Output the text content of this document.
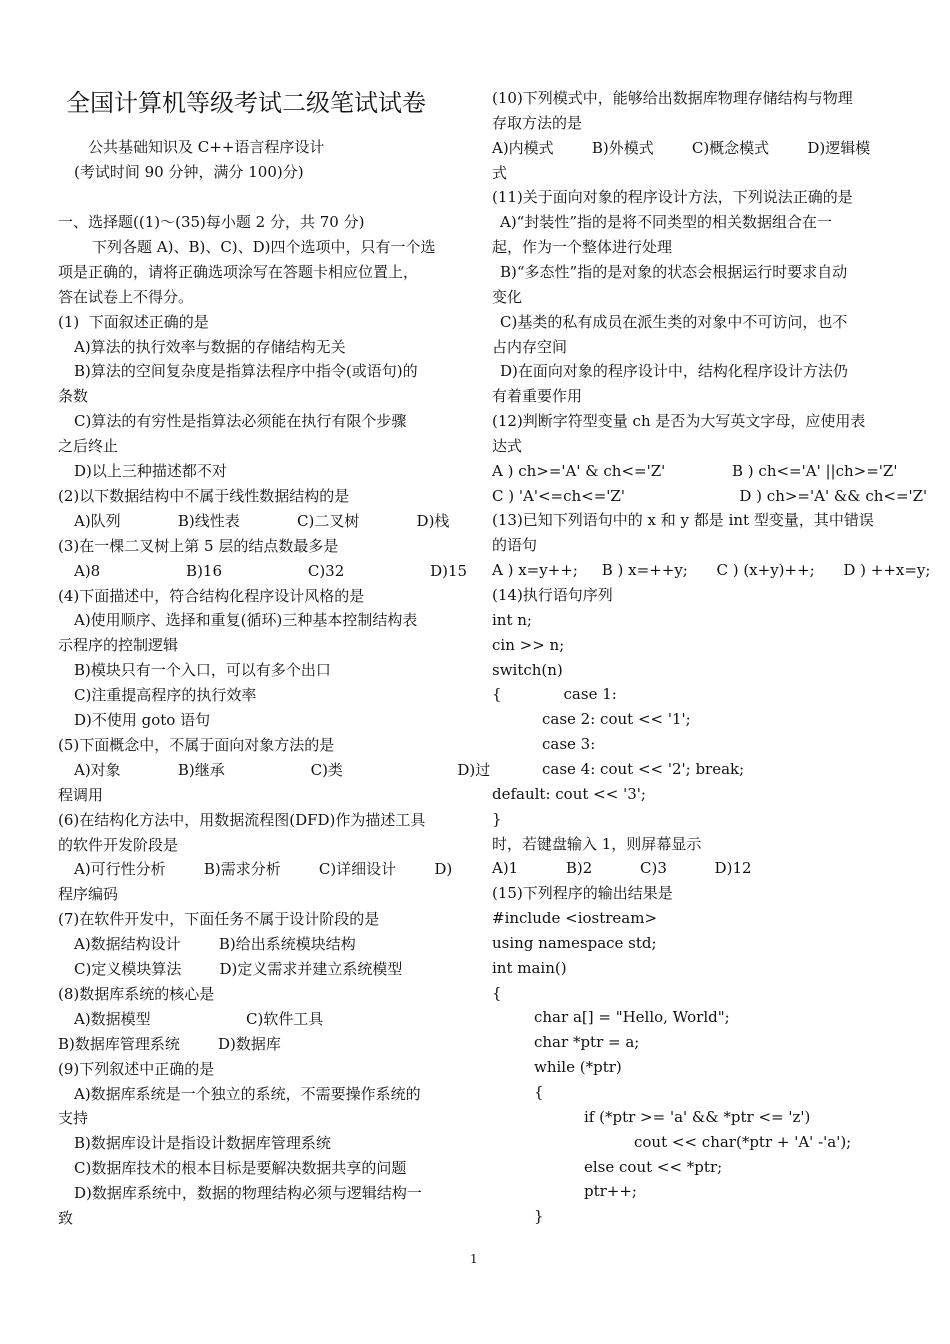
全国计算机等级考试二级笔试试卷
公共基础知识及 C++语言程序设计
(考试时间 90 分钟，满分 100)分)
一、选择题((1)～(35)每小题 2 分，共 70 分)
下列各题 A)、B)、C)、D)四个选项中，只有一个选
项是正确的，请将正确选项涂写在答题卡相应位置上，
答在试卷上不得分。
(1)  下面叙述正确的是
A)算法的执行效率与数据的存储结构无关
B)算法的空间复杂度是指算法程序中指令(或语句)的
条数
C)算法的有穷性是指算法必须能在执行有限个步骤
之后终止
D)以上三种描述都不对
(2)以下数据结构中不属于线性数据结构的是
A)队列            B)线性表            C)二叉树            D)栈
(3)在一棵二叉树上第 5 层的结点数最多是
A)8                  B)16                  C)32                  D)15
(4)下面描述中，符合结构化程序设计风格的是
A)使用顺序、选择和重复(循环)三种基本控制结构表
示程序的控制逻辑
B)模块只有一个入口，可以有多个出口
C)注重提高程序的执行效率
D)不使用 goto 语句
(5)下面概念中，不属于面向对象方法的是
A)对象            B)继承                  C)类                        D)过
程调用
(6)在结构化方法中，用数据流程图(DFD)作为描述工具
的软件开发阶段是
A)可行性分析        B)需求分析        C)详细设计        D)
程序编码
(7)在软件开发中，下面任务不属于设计阶段的是
A)数据结构设计        B)给出系统模块结构
C)定义模块算法        D)定义需求并建立系统模型
(8)数据库系统的核心是
A)数据模型                    C)软件工具
B)数据库管理系统        D)数据库
(9)下列叙述中正确的是
A)数据库系统是一个独立的系统，不需要操作系统的
支持
B)数据库设计是指设计数据库管理系统
C)数据库技术的根本目标是要解决数据共享的问题
D)数据库系统中，数据的物理结构必须与逻辑结构一
致
(10)下列模式中，能够给出数据库物理存储结构与物理
存取方法的是
A)内模式        B)外模式        C)概念模式        D)逻辑模
式
(11)关于面向对象的程序设计方法，下列说法正确的是
A)“封装性”指的是将不同类型的相关数据组合在一
起，作为一个整体进行处理
B)“多态性”指的是对象的状态会根据运行时要求自动
变化
C)基类的私有成员在派生类的对象中不可访问，也不
占内存空间
D)在面向对象的程序设计中，结构化程序设计方法仍
有着重要作用
(12)判断字符型变量 ch 是否为大写英文字母，应使用表
达式
A ) ch>='A' & ch<='Z'              B ) ch<='A' ||ch>='Z'
C ) 'A'<=ch<='Z'                        D ) ch>='A' && ch<='Z'
(13)已知下列语句中的 x 和 y 都是 int 型变量，其中错误
的语句
A ) x=y++;     B ) x=++y;      C ) (x+y)++;      D ) ++x=y;
(14)执行语句序列
int n;
cin >> n;
switch(n)
{             case 1:
case 2: cout << '1';
case 3:
case 4: cout << '2'; break;
default: cout << '3';
}
时，若键盘输入 1，则屏幕显示
A)1          B)2          C)3          D)12
(15)下列程序的输出结果是
#include <iostream>
using namespace std;
int main()
{
char a[] = "Hello, World";
char *ptr = a;
while (*ptr)
{
if (*ptr >= 'a' && *ptr <= 'z')
cout << char(*ptr + 'A' -'a');
else cout << *ptr;
ptr++;
}
1
